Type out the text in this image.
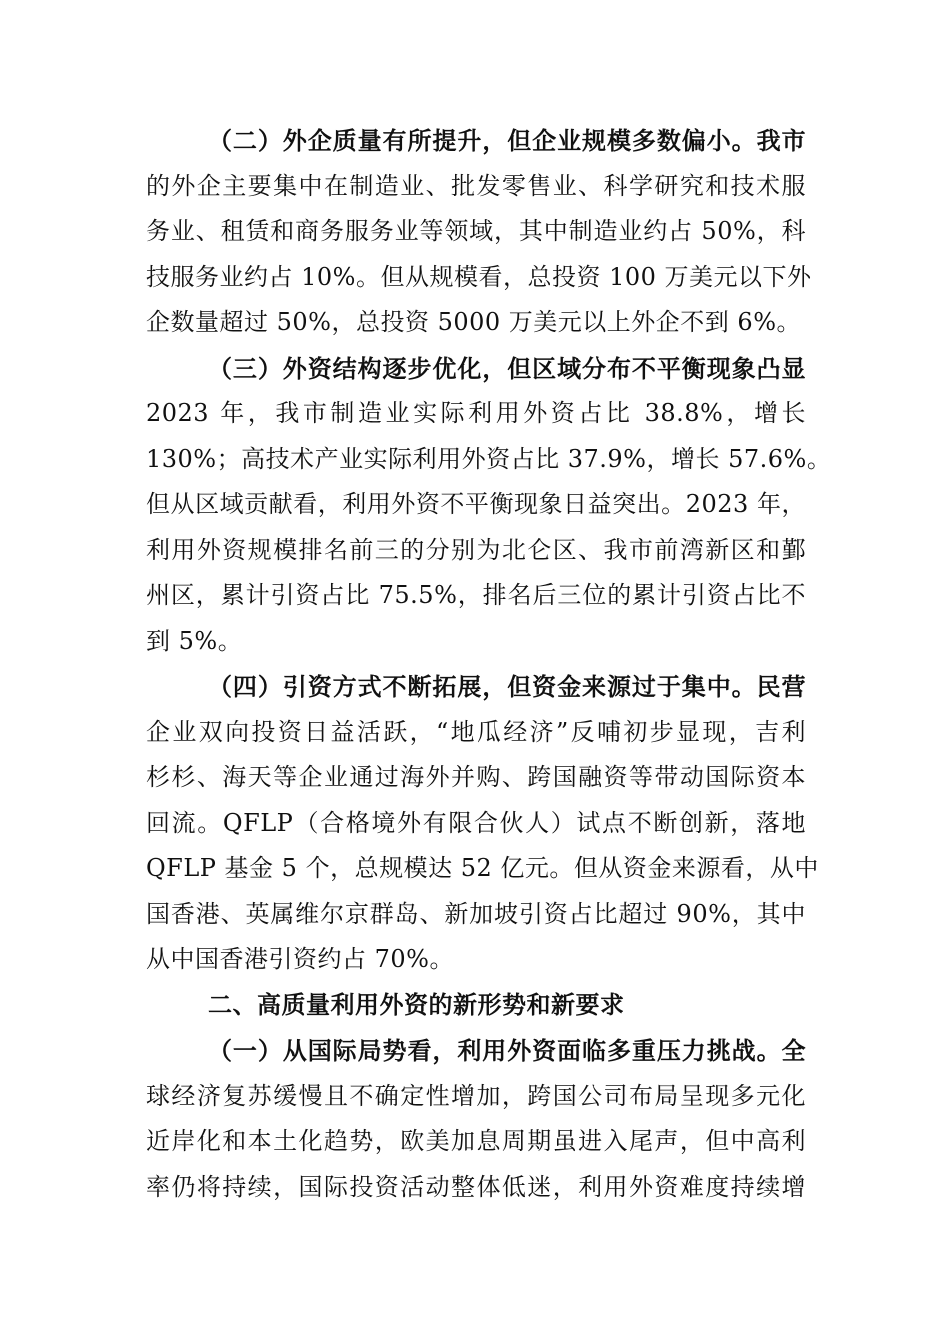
（二）外企质量有所提升，但企业规模多数偏小。我市
的外企主要集中在制造业、批发零售业、科学研究和技术服
务业、租赁和商务服务业等领域，其中制造业约占 50%，科
技服务业约占 10%。但从规模看，总投资 100 万美元以下外
企数量超过 50%，总投资 5000 万美元以上外企不到 6%。
（三）外资结构逐步优化，但区域分布不平衡现象凸显
2023 年，我市制造业实际利用外资占比 38.8%，增长
130%；高技术产业实际利用外资占比 37.9%，增长 57.6%。
但从区域贡献看，利用外资不平衡现象日益突出。2023 年，
利用外资规模排名前三的分别为北仑区、我市前湾新区和鄞
州区，累计引资占比 75.5%，排名后三位的累计引资占比不
到 5%。
（四）引资方式不断拓展，但资金来源过于集中。民营
企业双向投资日益活跃，“地瓜经济”反哺初步显现，吉利
杉杉、海天等企业通过海外并购、跨国融资等带动国际资本
回流。QFLP（合格境外有限合伙人）试点不断创新，落地
QFLP 基金 5 个，总规模达 52 亿元。但从资金来源看，从中
国香港、英属维尔京群岛、新加坡引资占比超过 90%，其中
从中国香港引资约占 70%。
二、高质量利用外资的新形势和新要求
（一）从国际局势看，利用外资面临多重压力挑战。全
球经济复苏缓慢且不确定性增加，跨国公司布局呈现多元化
近岸化和本土化趋势，欧美加息周期虽进入尾声，但中高利
率仍将持续，国际投资活动整体低迷，利用外资难度持续增
